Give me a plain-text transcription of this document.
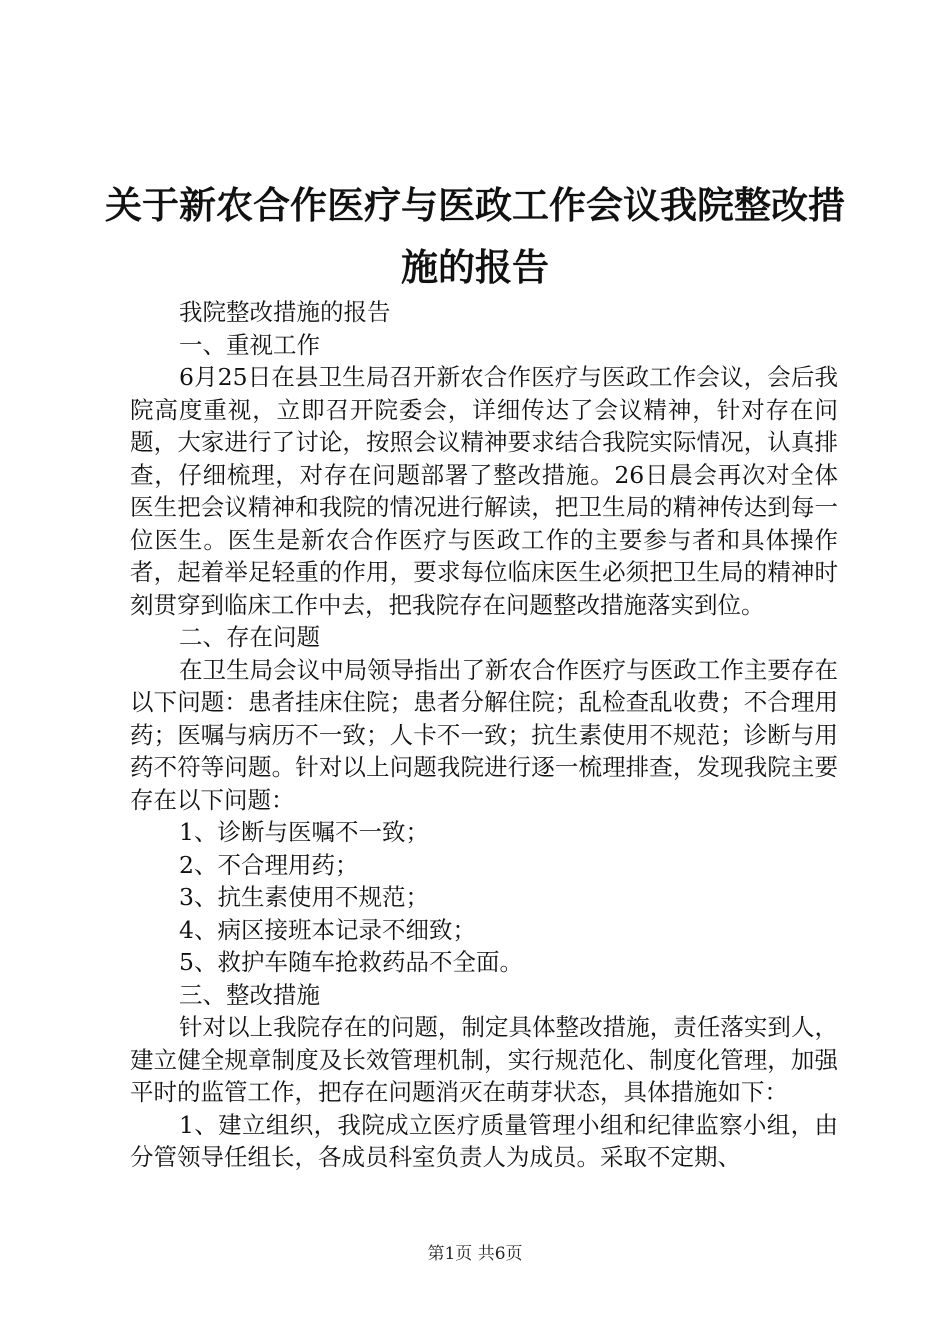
关于新农合作医疗与医政工作会议我院整改措
施的报告

我院整改措施的报告

一、重视工作

6月25日在县卫生局召开新农合作医疗与医政工作会议，会后我院高度重视，立即召开院委会，详细传达了会议精神，针对存在问题，大家进行了讨论，按照会议精神要求结合我院实际情况，认真排查，仔细梳理，对存在问题部署了整改措施。26日晨会再次对全体医生把会议精神和我院的情况进行解读，把卫生局的精神传达到每一位医生。医生是新农合作医疗与医政工作的主要参与者和具体操作者，起着举足轻重的作用，要求每位临床医生必须把卫生局的精神时刻贯穿到临床工作中去，把我院存在问题整改措施落实到位。

二、存在问题

在卫生局会议中局领导指出了新农合作医疗与医政工作主要存在以下问题：患者挂床住院；患者分解住院；乱检查乱收费；不合理用药；医嘱与病历不一致；人卡不一致；抗生素使用不规范；诊断与用药不符等问题。针对以上问题我院进行逐一梳理排查，发现我院主要存在以下问题：

1、诊断与医嘱不一致；

2、不合理用药；

3、抗生素使用不规范；

4、病区接班本记录不细致；

5、救护车随车抢救药品不全面。

三、整改措施

针对以上我院存在的问题，制定具体整改措施，责任落实到人，建立健全规章制度及长效管理机制，实行规范化、制度化管理，加强平时的监管工作，把存在问题消灭在萌芽状态，具体措施如下：

1、建立组织，我院成立医疗质量管理小组和纪律监察小组，由分管领导任组长，各成员科室负责人为成员。采取不定期、

第1页 共6页
